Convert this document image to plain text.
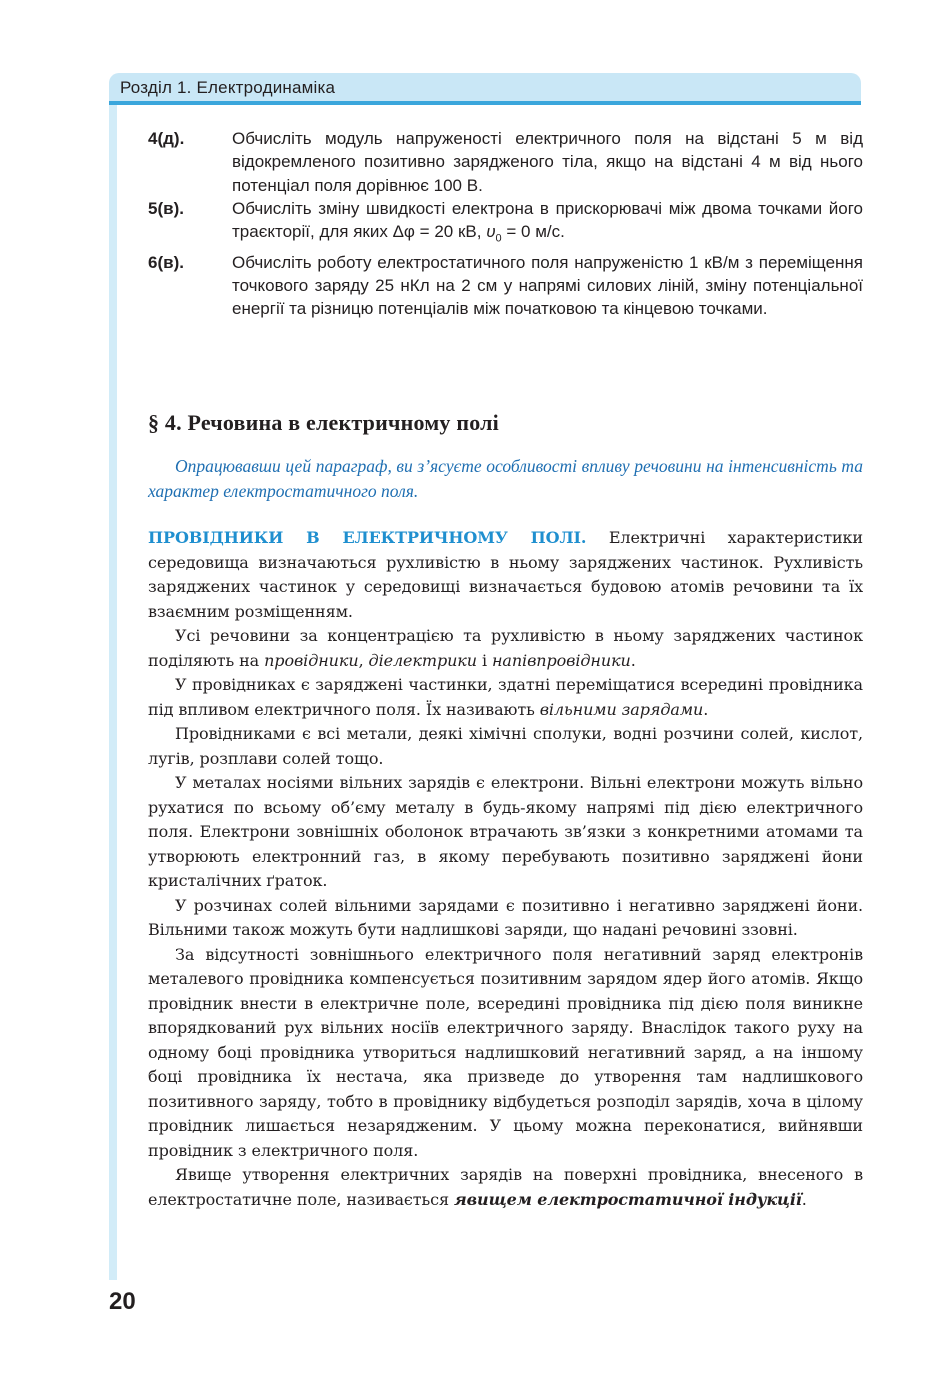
Розділ 1. Електродинаміка
4(д).	Обчисліть модуль напруженості електричного поля на відстані 5 м від відокремленого позитивно зарядженого тіла, якщо на відстані 4 м від нього потенціал поля дорівнює 100 В.
5(в).	Обчисліть зміну швидкості електрона в прискорювачі між двома точками його траєкторії, для яких Δφ = 20 кВ, $\upsilon_0 = 0$ м/с.
6(в).	Обчисліть роботу електростатичного поля напруженістю 1 кВ/м з переміщення точкового заряду 25 нКл на 2 см у напрямі силових ліній, зміну потенціальної енергії та різницю потенціалів між початковою та кінцевою точками.
§ 4. Речовина в електричному полі
Опрацювавши цей параграф, ви з’ясуєте особливості впливу речовини на інтенсивність та характер електростатичного поля.

ПРОВІДНИКИ В ЕЛЕКТРИЧНОМУ ПОЛІ. Електричні характеристики середовища визначаються рухливістю в ньому заряджених частинок. Рухливість заряджених частинок у середовищі визначається будовою атомів речовини та їх взаємним розміщенням.

Усі речовини за концентрацією та рухливістю в ньому заряджених частинок поділяють на провідники, діелектрики і напівпровідники.

У провідниках є заряджені частинки, здатні переміщатися всередині провідника під впливом електричного поля. Їх називають вільними зарядами.

Провідниками є всі метали, деякі хімічні сполуки, водні розчини солей, кислот, лугів, розплави солей тощо.

У металах носіями вільних зарядів є електрони. Вільні електрони можуть вільно рухатися по всьому об’єму металу в будь-якому напрямі під дією електричного поля. Електрони зовнішніх оболонок втрачають зв’язки з конкретними атомами та утворюють електронний газ, в якому перебувають позитивно заряджені йони кристалічних ґраток.

У розчинах солей вільними зарядами є позитивно і негативно заряджені йони. Вільними також можуть бути надлишкові заряди, що надані речовині ззовні.

За відсутності зовнішнього електричного поля негативний заряд електронів металевого провідника компенсується позитивним зарядом ядер його атомів. Якщо провідник внести в електричне поле, всередині провідника під дією поля виникне впорядкований рух вільних носіїв електричного заряду. Внаслідок такого руху на одному боці провідника утвориться надлишковий негативний заряд, а на іншому боці провідника їх нестача, яка призведе до утворення там надлишкового позитивного заряду, тобто в провіднику відбудеться розподіл зарядів, хоча в цілому провідник лишається незарядженим. У цьому можна переконатися, вийнявши провідник з електричного поля.

Явище утворення електричних зарядів на поверхні провідника, внесеного в електростатичне поле, називається явищем електростатичної індукції.

20
